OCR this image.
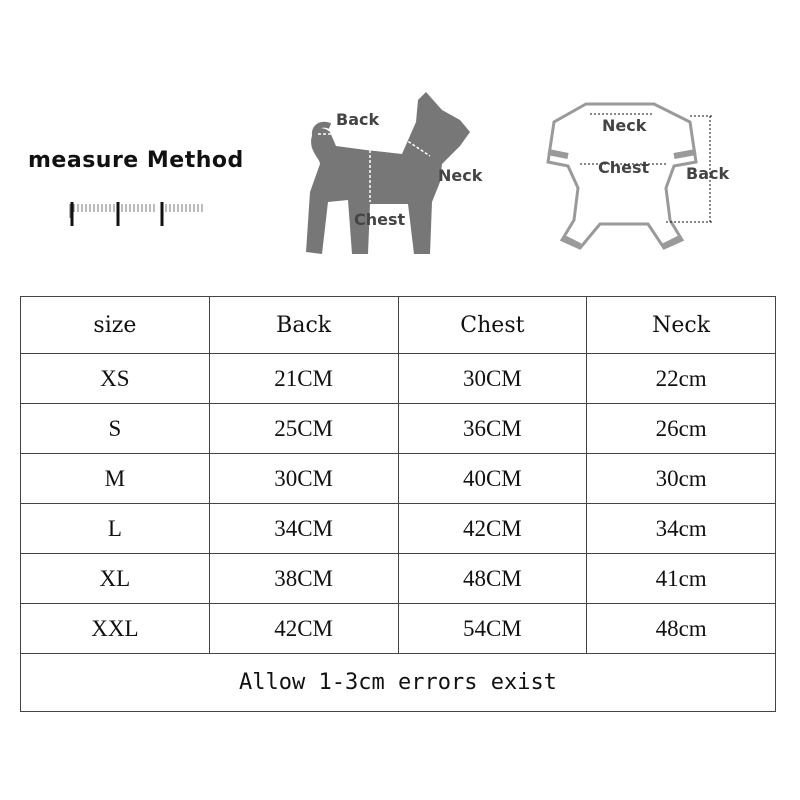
measure Method
Back
Neck
Chest
Neck
Chest Back
size	Back	Chest	Neck
XS	21CM	30CM	22cm
S	25CM	36CM	26cm
M	30CM	40CM	30cm
L	34CM	42CM	34cm
XL	38CM	48CM	41cm
XXL	42CM	54CM	48cm
Allow 1-3cm errors exist			
